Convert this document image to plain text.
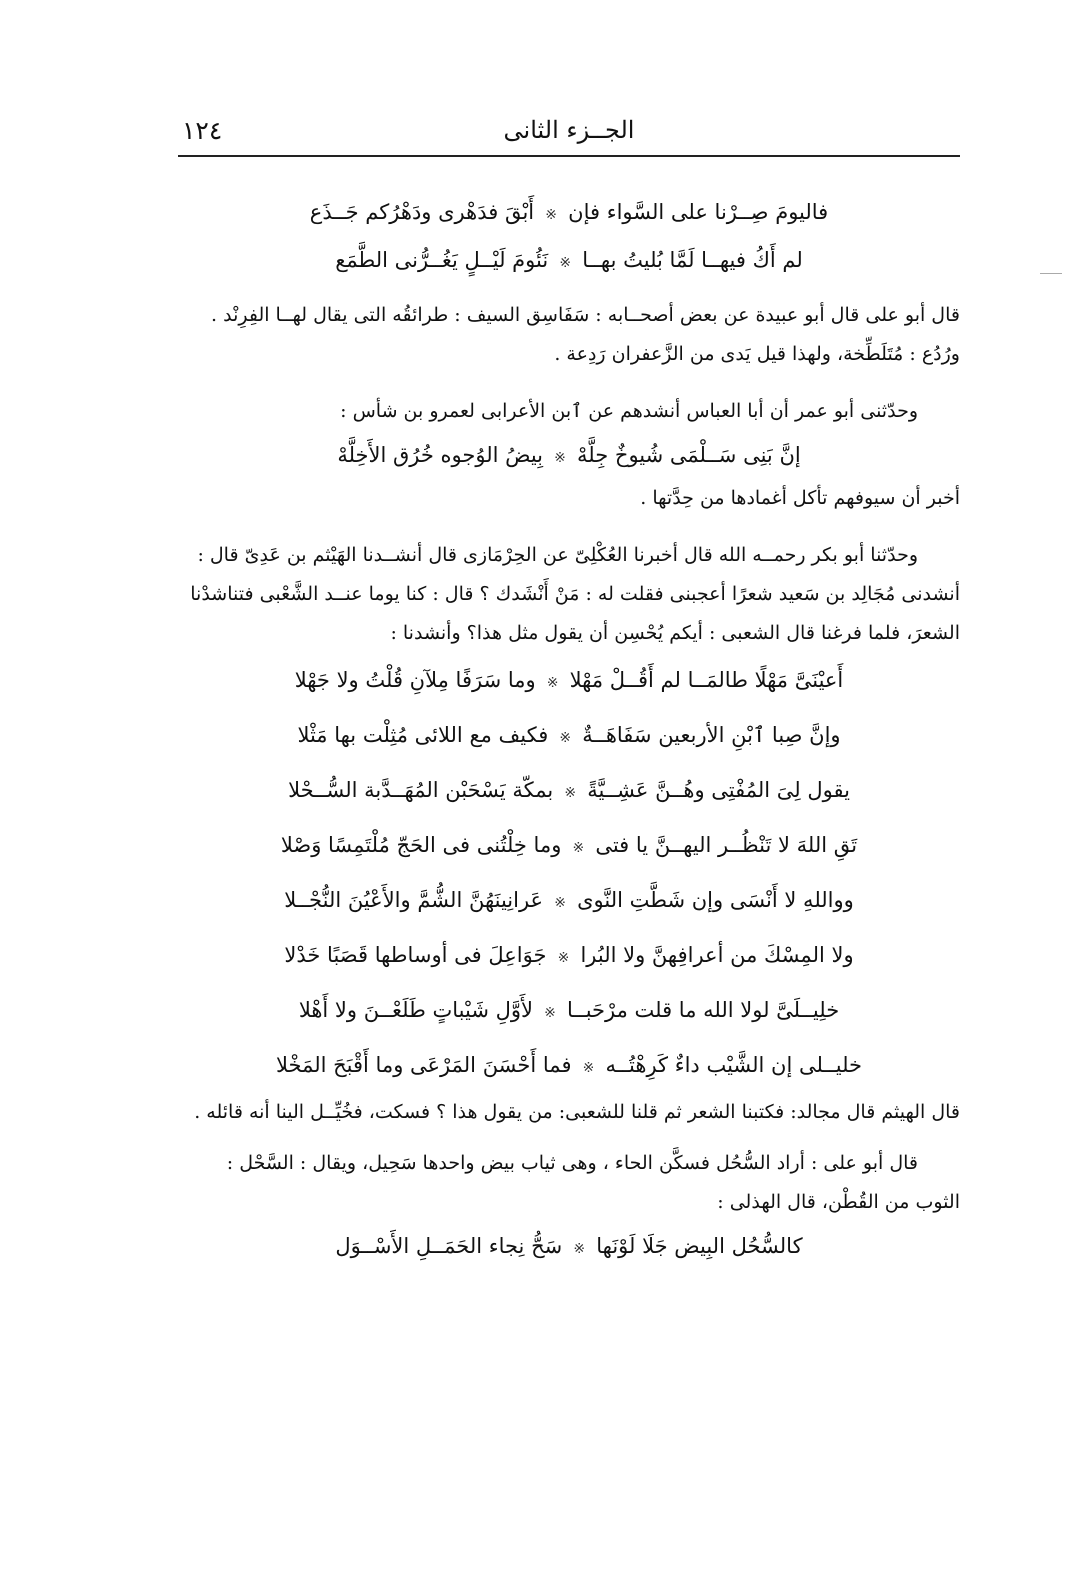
١٢٤	الجــزء الثانى
فاليومَ صِــرْنا على السَّواء فإن
※
أَبْقَ فدَهْرى ودَهْرُكم جَــذَع
لم أَكُ فيهــا لَمَّا بُليتُ بهــا
※
نَئُومَ لَيْــلٍ يَغُــرُّنى الطَّمَع

قال أبو على قال أبو عبيدة عن بعض أصحــابه : سَفَاسِق السيف : طرائقُه التى يقال لهــا الفِرِنْد .

ورُدُع : مُتَلَطِّخة، ولهذا قيل يَدى من الزَّعفران رَدِعة .

وحدّثنى أبو عمر أن أبا العباس أنشدهم عن ٱبن الأعرابى لعمرو بن شأس :

إنَّ بَنِى سَــلْمَى شُيوخٌ جِلَّهْ
※
بِيضُ الوُجوه خُرُق الأَخِلَّهْ

أخبر أن سيوفهم تأكل أغمادها من حِدَّتها .

وحدّثنا أبو بكر رحمــه الله قال أخبرنا العُكْلِىّ عن الحِرْمَازى قال أنشــدنا الهَيْثم بن عَدِىّ قال :

أنشدنى مُجَالِد بن سَعيد شعرًا أعجبنى فقلت له : مَنْ أَنْشَدك ؟ قال : كنا يوما عنــد الشَّعْبى فتناشدْنا

الشعرَ، فلما فرغنا قال الشعبى : أيكم يُحْسِن أن يقول مثل هذا؟ وأنشدنا :

أَعيْنَىَّ مَهْلًا طالمَــا لم أَقُــلْ مَهْلا
※
وما سَرَفًا مِلآنِ قُلْتُ ولا جَهْلا
وإنَّ صِبا ٱبْنِ الأربعين سَفَاهَــةٌ
※
فكيف مع اللائى مُثِلْت بها مَثْلا
يقول لِىَ المُفْتِى وهُــنَّ عَشِــيَّةً
※
بمكّة يَسْحَبْن المُهَــدَّبة السُّــحْلا
تَقِ اللهَ لا تَنْظُــر اليهــنَّ يا فتى
※
وما خِلْتُنى فى الحَجّ مُلْتَمِسًا وَصْلا
وواللهِ لا أَنْسَى وإن شَطَّتِ النَّوى
※
عَرانِينَهُنَّ الشُّمَّ والأَعْيُنَ النُّجْــلا
ولا المِسْكَ من أعرافِهنَّ ولا البُرا
※
جَوَاعِلَ فى أوساطها قَصَبًا خَدْلا
خلِيــلَىَّ لولا الله ما قلت مرْحَبــا
※
لأَوَّلِ شَيْباتٍ طَلَعْــنَ ولا أَهْلا
خليــلى إن الشَّيْب داءٌ كَرِهْتُــه
※
فما أَحْسَنَ المَرْعَى وما أَقْبَحَ المَخْلا

قال الهيثم قال مجالد: فكتبنا الشعر ثم قلنا للشعبى: من يقول هذا ؟ فسكت، فخُيِّــل الينا أنه قائله .

قال أبو على : أراد السُّحُل فسكَّن الحاء ، وهى ثياب بيض واحدها سَحِيل، ويقال : السَّحْل :

الثوب من القُطْن، قال الهذلى :

كالسُّحُل البِيض جَلَا لَوْنَها
※
سَحُّ نِجاء الحَمَــلِ الأَسْــوَل
